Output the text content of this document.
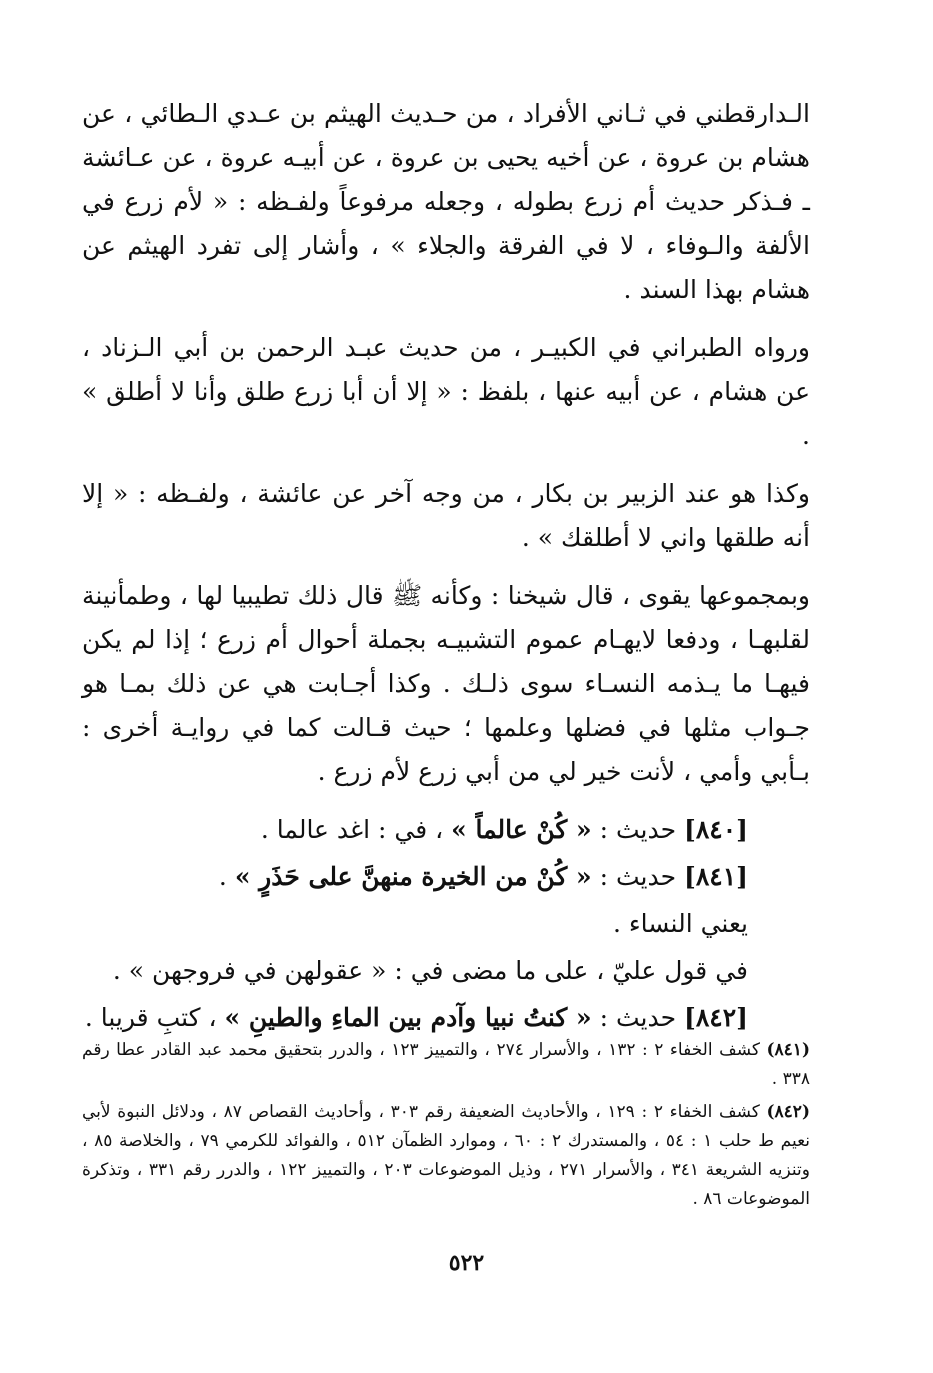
الـدارقطني في ثـاني الأفراد ، من حـديث الهيثم بن عـدي الـطائي ، عن هشام بن عروة ، عن أخيه يحيى بن عروة ، عن أبيـه عروة ، عن عـائشة ـ فـذكر حديث أم زرع بطوله ، وجعله مرفوعاً ولفـظه : « لأم زرع في الألفة والـوفاء ، لا في الفرقة والجلاء » ، وأشار إلى تفرد الهيثم عن هشام بهذا السند .

ورواه الطبراني في الكبيـر ، من حديث عبـد الرحمن بن أبي الـزناد ، عن هشام ، عن أبيه عنها ، بلفظ : « إلا أن أبا زرع طلق وأنا لا أطلق » .

وكذا هو عند الزبير بن بكار ، من وجه آخر عن عائشة ، ولفـظه : « إلا أنه طلقها واني لا أطلقك » .

وبمجموعها يقوى ، قال شيخنا : وكأنه ﷺ قال ذلك تطيبيا لها ، وطمأنينة لقلبهـا ، ودفعا لايهـام عموم التشبيـه بجملة أحوال أم زرع ؛ إذا لم يكن فيهـا ما يـذمه النسـاء سوى ذلـك . وكذا أجـابت هي عن ذلك بمـا هو جـواب مثلها في فضلها وعلمها ؛ حيث قـالت كما في روايـة أخرى : بـأبي وأمي ، لأنت خير لي من أبي زرع لأم زرع .

[٨٤٠] حديث : « كُنْ عالماً » ، في : اغد عالما .

[٨٤١] حديث : « كُنْ من الخيرة منهنَّ على حَذَرٍ » .

يعني النساء .

في قول عليّ ، على ما مضى في : « عقولهن في فروجهن » .

[٨٤٢] حديث : « كنتُ نبيا وآدم بين الماءِ والطينِ » ، كتبِ قريبا .

(٨٤١) كشف الخفاء ٢ : ١٣٢ ، والأسرار ٢٧٤ ، والتمييز ١٢٣ ، والدرر بتحقيق محمد عبد القادر عطا رقم ٣٣٨ .

(٨٤٢) كشف الخفاء ٢ : ١٢٩ ، والأحاديث الضعيفة رقم ٣٠٣ ، وأحاديث القصاص ٨٧ ، ودلائل النبوة لأبي نعيم ط حلب ١ : ٥٤ ، والمستدرك ٢ : ٦٠ ، وموارد الظمآن ٥١٢ ، والفوائد للكرمي ٧٩ ، والخلاصة ٨٥ ، وتنزيه الشريعة ٣٤١ ، والأسرار ٢٧١ ، وذيل الموضوعات ٢٠٣ ، والتمييز ١٢٢ ، والدرر رقم ٣٣١ ، وتذكرة الموضوعات ٨٦ .

٥٢٢
